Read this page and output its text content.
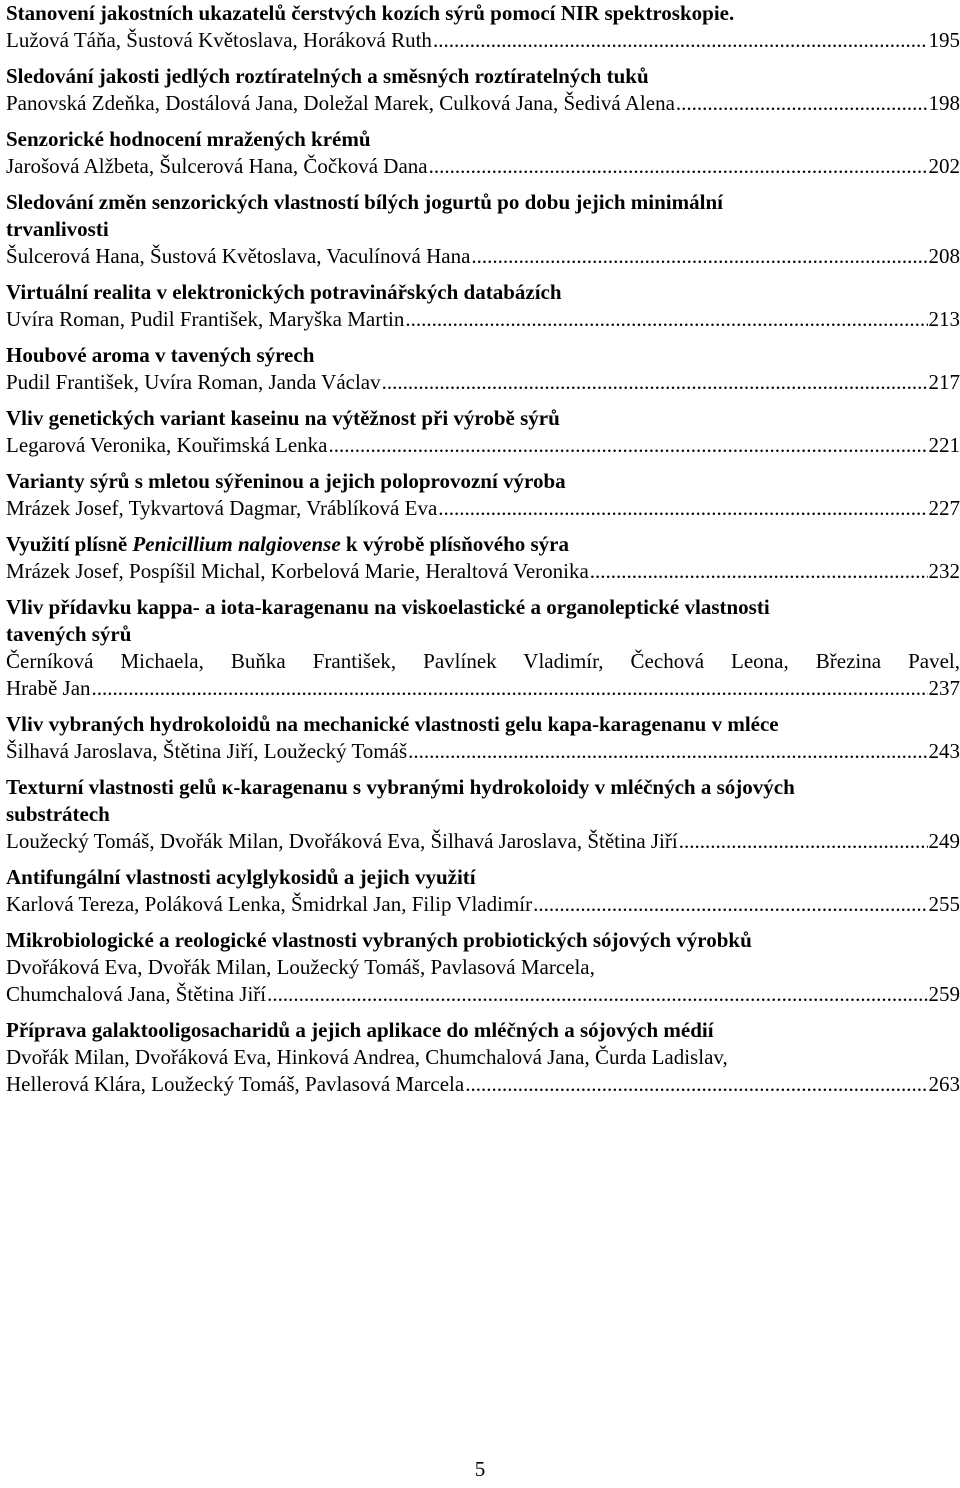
Stanovení jakostních ukazatelů čerstvých kozích sýrů pomocí NIR spektroskopie.
Lužová Táňa, Šustová Květoslava, Horáková Ruth .....	195
Sledování jakosti jedlých roztíratelných a směsných roztíratelných tuků
Panovská Zdeňka, Dostálová Jana, Doležal Marek, Culková Jana, Šedivá Alena .....	198
Senzorické hodnocení mražených krémů
Jarošová Alžbeta, Šulcerová Hana, Čočková Dana .....	202
Sledování změn senzorických vlastností bílých jogurtů po dobu jejich minimální
trvanlivosti
Šulcerová Hana, Šustová Květoslava, Vaculínová Hana .....	208
Virtuální realita v elektronických potravinářských databázích
Uvíra Roman, Pudil František, Maryška Martin .....	213
Houbové aroma v tavených sýrech
Pudil František, Uvíra Roman, Janda Václav .....	217
Vliv genetických variant kaseinu na výtěžnost při výrobě sýrů
Legarová Veronika, Kouřimská Lenka .....	221
Varianty sýrů s mletou sýřeninou a jejich poloprovozní výroba
Mrázek Josef, Tykvartová Dagmar, Vráblíková Eva .....	227
Využití plísně Penicillium nalgiovense k výrobě plísňového sýra
Mrázek Josef, Pospíšil Michal, Korbelová Marie, Heraltová Veronika .....	232
Vliv přídavku kappa- a iota-karagenanu na viskoelastické a organoleptické vlastnosti
tavených sýrů
Černíková Michaela, Buňka František, Pavlínek Vladimír, Čechová Leona, Březina Pavel,
Hrabě Jan .....	237
Vliv vybraných hydrokoloidů na mechanické vlastnosti gelu kapa-karagenanu v mléce
Šilhavá Jaroslava, Štětina Jiří, Loužecký Tomáš .....	243
Texturní vlastnosti gelů κ-karagenanu s vybranými hydrokoloidy v mléčných a sójových
substrátech
Loužecký Tomáš, Dvořák Milan, Dvořáková Eva, Šilhavá Jaroslava, Štětina Jiří .....	249
Antifungální vlastnosti acylglykosidů a jejich využití
Karlová Tereza, Poláková Lenka, Šmidrkal Jan, Filip Vladimír .....	255
Mikrobiologické a reologické vlastnosti vybraných probiotických sójových výrobků
Dvořáková Eva, Dvořák Milan, Loužecký Tomáš, Pavlasová Marcela,
Chumchalová Jana, Štětina Jiří .....	259
Příprava galaktooligosacharidů a jejich aplikace do mléčných a sójových médií
Dvořák Milan, Dvořáková Eva, Hinková Andrea, Chumchalová Jana, Čurda Ladislav,
Hellerová Klára, Loužecký Tomáš, Pavlasová Marcela .....	263
5
